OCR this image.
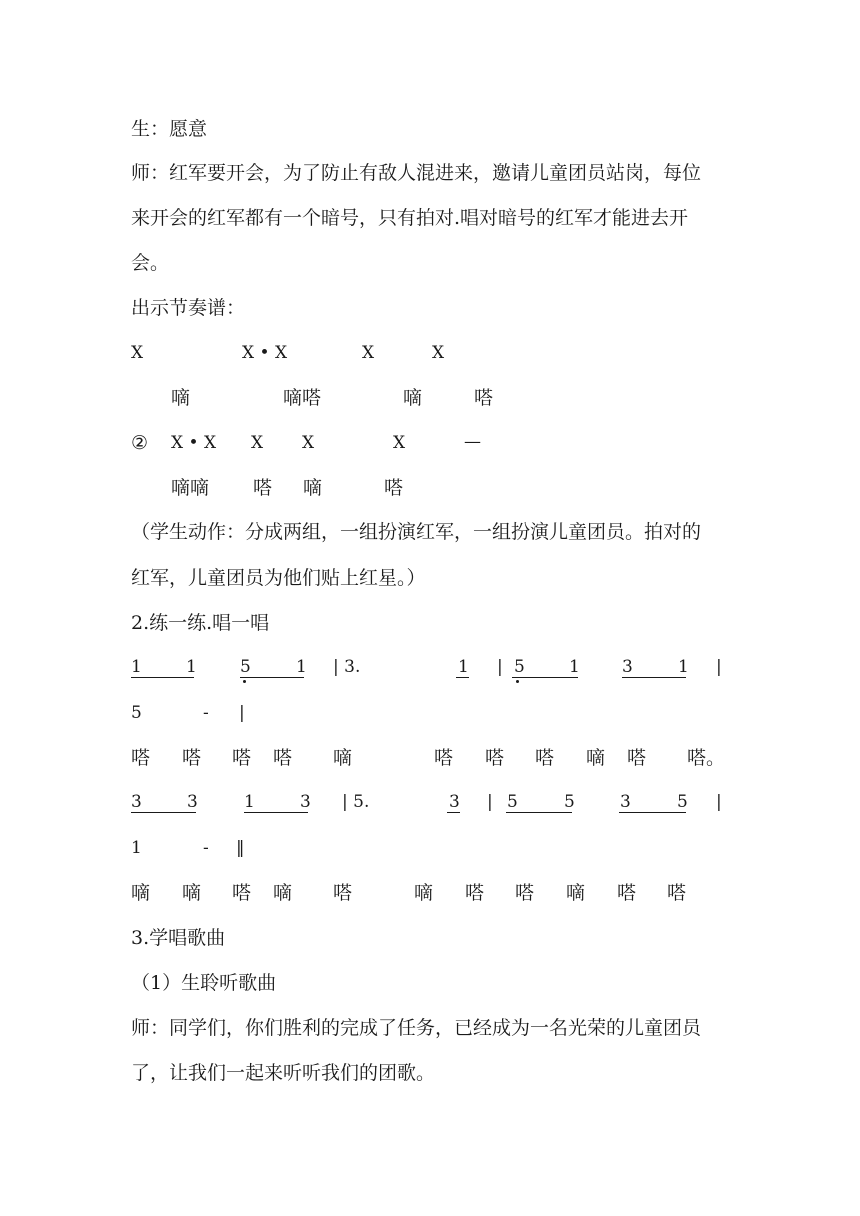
生：愿意
师：红军要开会，为了防止有敌人混进来，邀请儿童团员站岗，每位
来开会的红军都有一个暗号，只有拍对.唱对暗号的红军才能进去开
会。
出示节奏谱：
X	X • X	X	X
嘀	嘀嗒	嘀	嗒
② X • X X X	X	—
嘀嘀 嗒 嘀	嗒
（学生动作：分成两组，一组扮演红军，一组扮演儿童团员。拍对的
红军，儿童团员为他们贴上红星。）
2.练一练.唱一唱
1	1	5	1 | 3.	1 | 5	1 3	1 |
5	- |
嗒 嗒 嗒 嗒 嘀	嗒 嗒 嗒 嘀 嗒 嗒。
3	3	1	3 | 5.	3 | 5	5	3	5 |
1	- ‖
嘀 嘀 嗒 嘀 嗒	嘀 嗒 嗒 嘀 嗒 嗒
3.学唱歌曲
（1）生聆听歌曲
师：同学们，你们胜利的完成了任务，已经成为一名光荣的儿童团员
了，让我们一起来听听我们的团歌。
